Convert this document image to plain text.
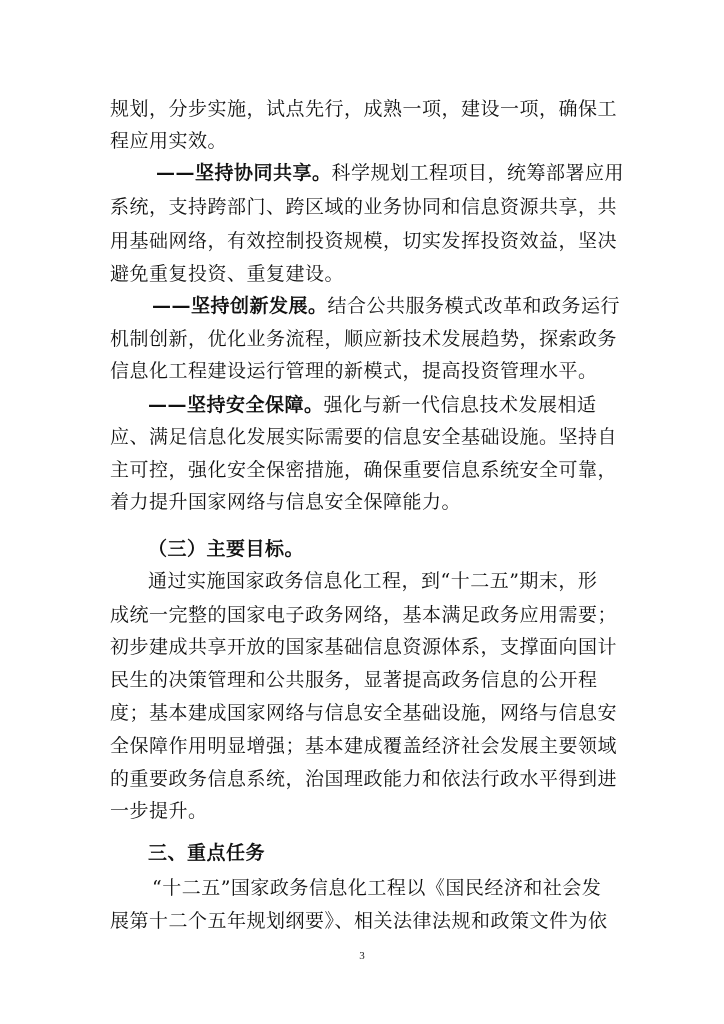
规划，分步实施，试点先行，成熟一项，建设一项，确保工
程应用实效。
——坚持协同共享。科学规划工程项目，统筹部署应用
系统，支持跨部门、跨区域的业务协同和信息资源共享，共
用基础网络，有效控制投资规模，切实发挥投资效益，坚决
避免重复投资、重复建设。
——坚持创新发展。结合公共服务模式改革和政务运行
机制创新，优化业务流程，顺应新技术发展趋势，探索政务
信息化工程建设运行管理的新模式，提高投资管理水平。
——坚持安全保障。强化与新一代信息技术发展相适
应、满足信息化发展实际需要的信息安全基础设施。坚持自
主可控，强化安全保密措施，确保重要信息系统安全可靠，
着力提升国家网络与信息安全保障能力。
（三）主要目标。
通过实施国家政务信息化工程，到“十二五”期末，形
成统一完整的国家电子政务网络，基本满足政务应用需要；
初步建成共享开放的国家基础信息资源体系，支撑面向国计
民生的决策管理和公共服务，显著提高政务信息的公开程
度；基本建成国家网络与信息安全基础设施，网络与信息安
全保障作用明显增强；基本建成覆盖经济社会发展主要领域
的重要政务信息系统，治国理政能力和依法行政水平得到进
一步提升。
三、重点任务
“十二五”国家政务信息化工程以《国民经济和社会发
展第十二个五年规划纲要》、相关法律法规和政策文件为依
3
